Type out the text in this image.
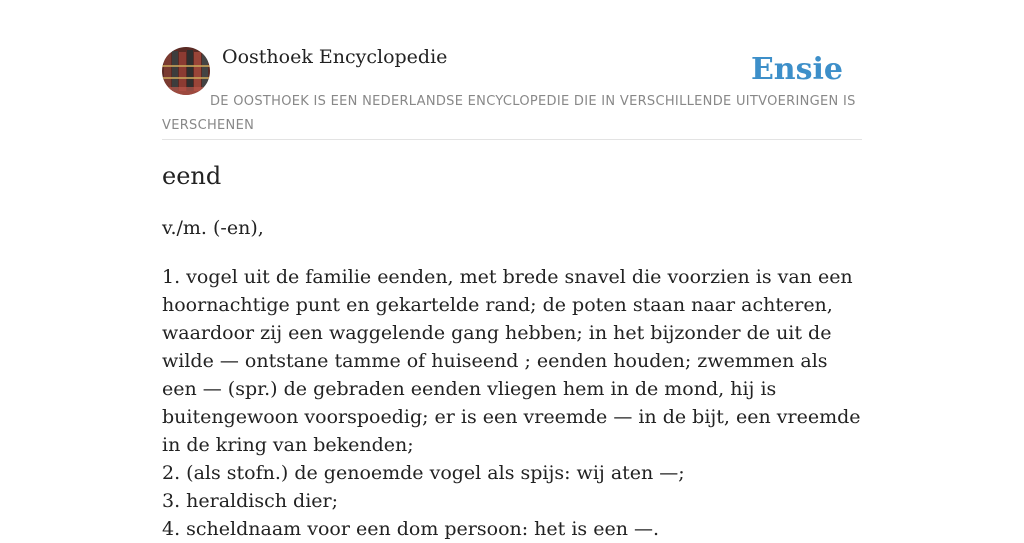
Oosthoek Encyclopedie	Ensie
DE OOSTHOEK IS EEN NEDERLANDSE ENCYCLOPEDIE DIE IN VERSCHILLENDE UITVOERINGEN IS VERSCHENEN
eend
v./m. (-en),

1. vogel uit de familie eenden, met brede snavel die voorzien is van een hoornachtige punt en gekartelde rand; de poten staan naar achteren, waardoor zij een waggelende gang hebben; in het bijzonder de uit de wilde — ontstane tamme of huiseend ; eenden houden; zwemmen als een — (spr.) de gebraden eenden vliegen hem in de mond, hij is buitengewoon voorspoedig; er is een vreemde — in de bijt, een vreemde in de kring van bekenden;

2. (als stofn.) de genoemde vogel als spijs: wij aten —;

3. heraldisch dier;

4. scheldnaam voor een dom persoon: het is een —.
